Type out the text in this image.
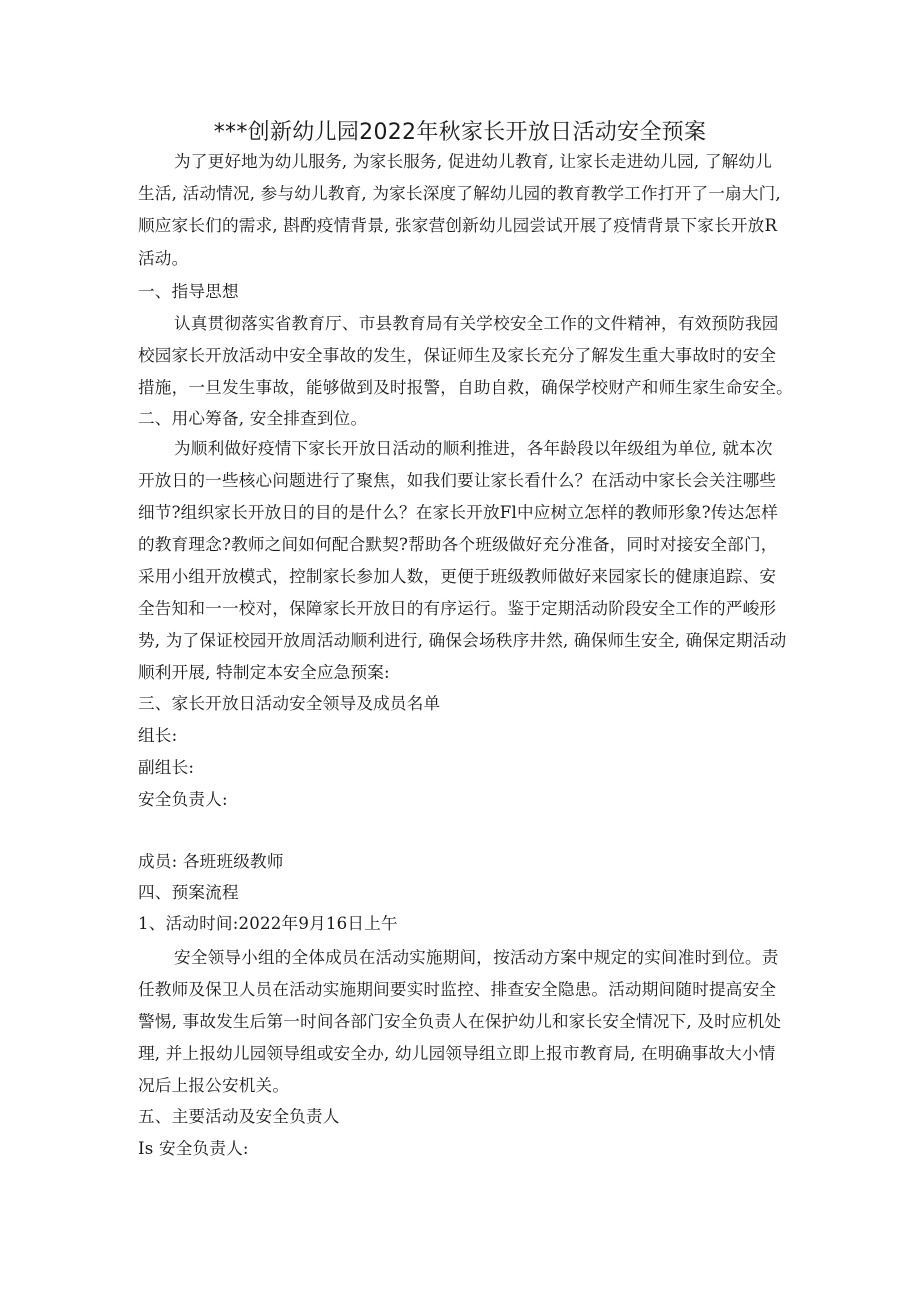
***创新幼儿园2022年秋家长开放日活动安全预案
为了更好地为幼儿服务, 为家长服务, 促进幼儿教育, 让家长走进幼儿园, 了解幼儿
生活, 活动情况, 参与幼儿教育, 为家长深度了解幼儿园的教育教学工作打开了一扇大门,
顺应家长们的需求, 斟酌疫情背景, 张家营创新幼儿园尝试开展了疫情背景下家长开放R
活动。
一、指导思想
认真贯彻落实省教育厅、市县教育局有关学校安全工作的文件精神，有效预防我园
校园家长开放活动中安全事故的发生，保证师生及家长充分了解发生重大事故时的安全
措施，一旦发生事故，能够做到及时报警，自助自救，确保学校财产和师生家生命安全。
二、用心筹备, 安全排查到位。
为顺利做好疫情下家长开放日活动的顺利推进，各年龄段以年级组为单位, 就本次
开放日的一些核心问题进行了聚焦，如我们要让家长看什么？在活动中家长会关注哪些
细节?组织家长开放日的目的是什么？在家长开放Fl中应树立怎样的教师形象?传达怎样
的教育理念?教师之间如何配合默契?帮助各个班级做好充分准备，同时对接安全部门，
采用小组开放模式，控制家长参加人数，更便于班级教师做好来园家长的健康追踪、安
全告知和一一校对，保障家长开放日的有序运行。鉴于定期活动阶段安全工作的严峻形
势, 为了保证校园开放周活动顺利进行, 确保会场秩序井然, 确保师生安全, 确保定期活动
顺利开展, 特制定本安全应急预案:
三、家长开放日活动安全领导及成员名单
组长:
副组长:
安全负责人:
成员: 各班班级教师
四、预案流程
1、活动时间:2022年9月16日上午
安全领导小组的全体成员在活动实施期间，按活动方案中规定的实间准时到位。责
任教师及保卫人员在活动实施期间要实时监控、排查安全隐患。活动期间随时提高安全
警惕, 事故发生后第一时间各部门安全负责人在保护幼儿和家长安全情况下, 及时应机处
理, 并上报幼儿园领导组或安全办, 幼儿园领导组立即上报市教育局, 在明确事故大小情
况后上报公安机关。
五、主要活动及安全负责人
Is 安全负责人:
